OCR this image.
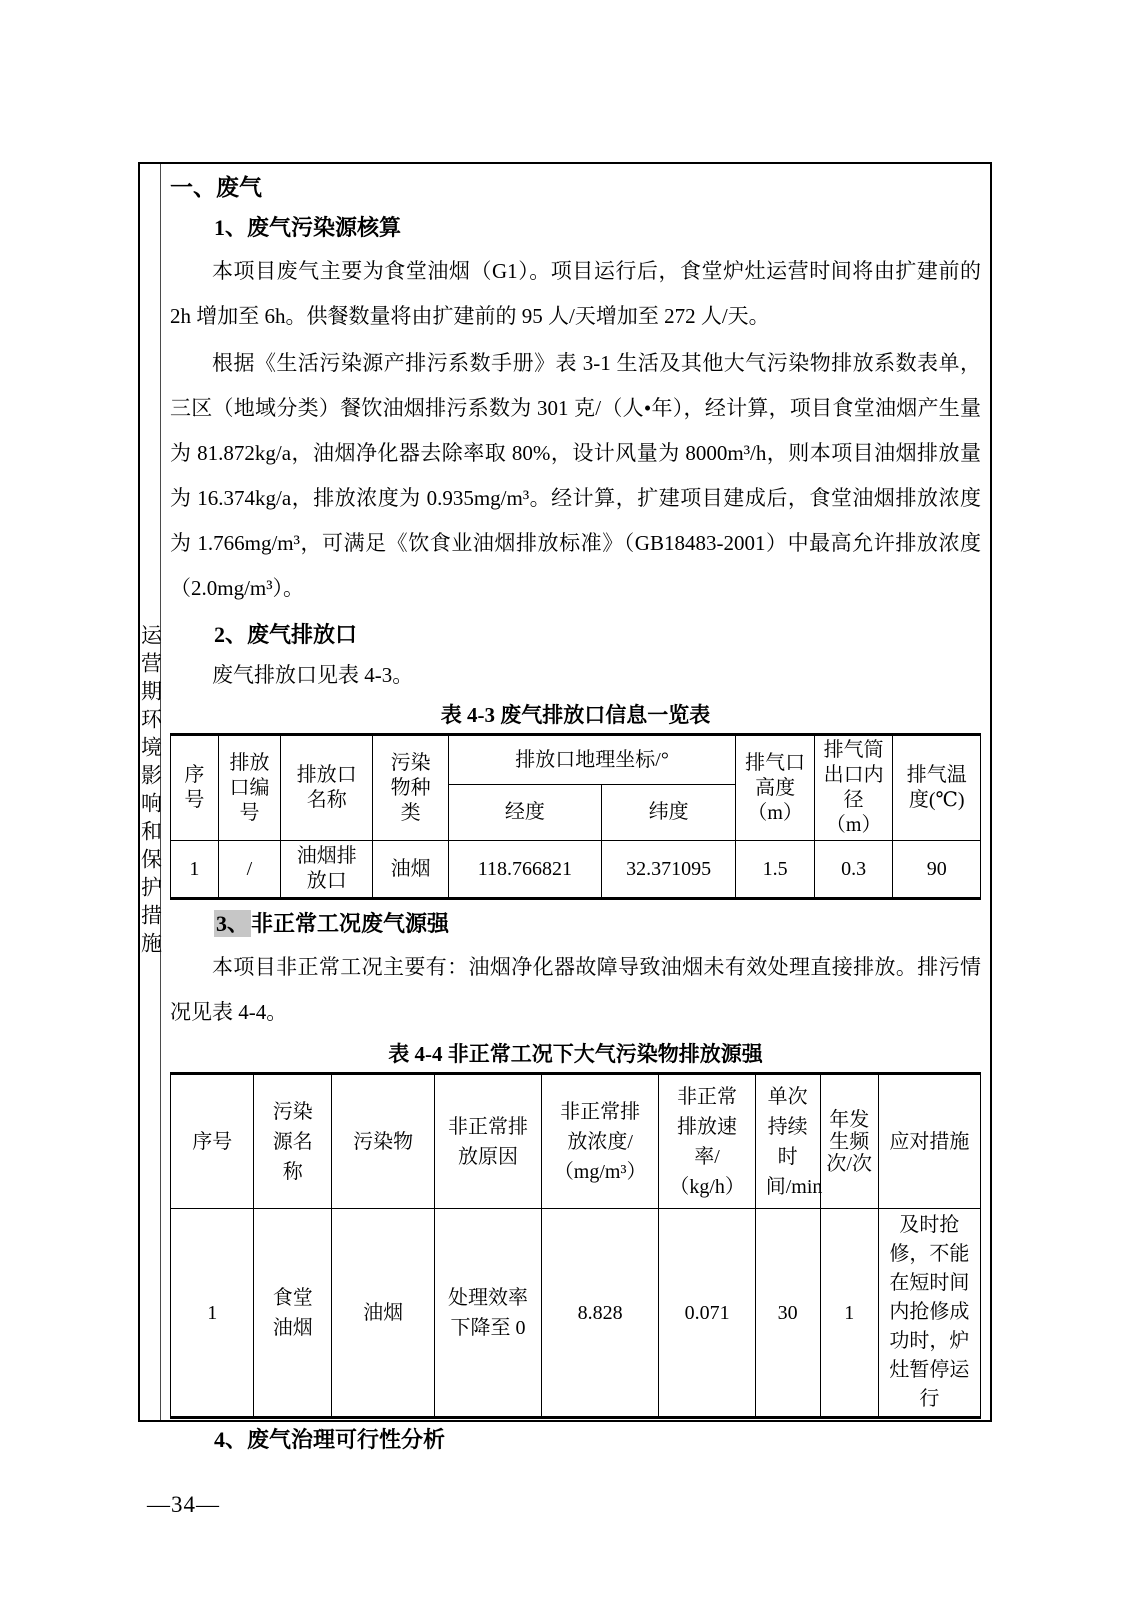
运营期环境影响和保护措施
一、废气
1、废气污染源核算

本项目废气主要为食堂油烟（G1）。项目运行后，食堂炉灶运营时间将由扩建前的 2h 增加至 6h。供餐数量将由扩建前的 95 人/天增加至 272 人/天。

根据《生活污染源产排污系数手册》表 3-1 生活及其他大气污染物排放系数表单，三区（地域分类）餐饮油烟排污系数为 301 克/（人•年），经计算，项目食堂油烟产生量为 81.872kg/a，油烟净化器去除率取 80%，设计风量为 8000m³/h，则本项目油烟排放量为 16.374kg/a，排放浓度为 0.935mg/m³。经计算，扩建项目建成后，食堂油烟排放浓度为 1.766mg/m³，可满足《饮食业油烟排放标准》（GB18483-2001）中最高允许排放浓度（2.0mg/m³）。

2、废气排放口

废气排放口见表 4-3。

表 4-3 废气排放口信息一览表
序号	排放口编号	排放口名称	污染物种类	排放口地理坐标/°		排气口高度（m）	排气筒出口内径（m）	排气温度(℃)
				经度	纬度			
1	/	油烟排放口	油烟	118.766821	32.371095	1.5	0.3	90
3、非正常工况废气源强

本项目非正常工况主要有：油烟净化器故障导致油烟未有效处理直接排放。排污情况见表 4-4。

表 4-4 非正常工况下大气污染物排放源强
序号	污染源名称	污染物	非正常排放原因	非正常排放浓度/（mg/m³）	非正常排放速率/（kg/h）	单次持续时间/min	年发生频次/次	应对措施
1	食堂油烟	油烟	处理效率下降至 0	8.828	0.071	30	1	及时抢修，不能在短时间内抢修成功时，炉灶暂停运行
4、废气治理可行性分析
—34—
